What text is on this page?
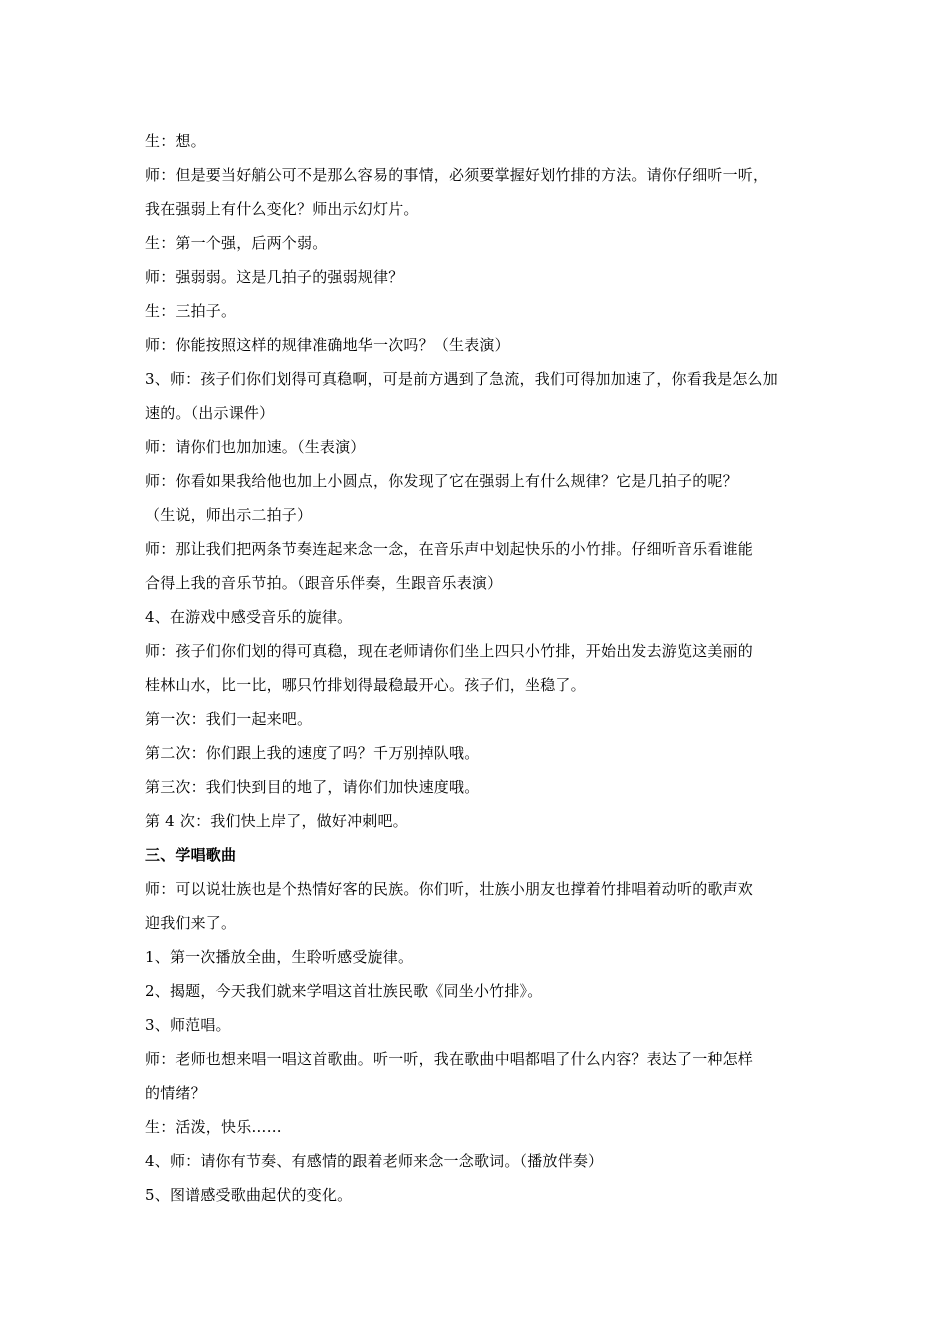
生：想。
师：但是要当好艄公可不是那么容易的事情，必须要掌握好划竹排的方法。请你仔细听一听，
我在强弱上有什么变化？师出示幻灯片。
生：第一个强，后两个弱。
师：强弱弱。这是几拍子的强弱规律？
生：三拍子。
师：你能按照这样的规律准确地华一次吗？（生表演）
3、师：孩子们你们划得可真稳啊，可是前方遇到了急流，我们可得加加速了，你看我是怎么加
速的。（出示课件）
师：请你们也加加速。（生表演）
师：你看如果我给他也加上小圆点，你发现了它在强弱上有什么规律？它是几拍子的呢？
（生说，师出示二拍子）
师：那让我们把两条节奏连起来念一念，在音乐声中划起快乐的小竹排。仔细听音乐看谁能
合得上我的音乐节拍。（跟音乐伴奏，生跟音乐表演）
4、在游戏中感受音乐的旋律。
师：孩子们你们划的得可真稳，现在老师请你们坐上四只小竹排，开始出发去游览这美丽的
桂林山水，比一比，哪只竹排划得最稳最开心。孩子们，坐稳了。
第一次：我们一起来吧。
第二次：你们跟上我的速度了吗？千万别掉队哦。
第三次：我们快到目的地了，请你们加快速度哦。
第 4 次：我们快上岸了，做好冲刺吧。
三、学唱歌曲
师：可以说壮族也是个热情好客的民族。你们听，壮族小朋友也撑着竹排唱着动听的歌声欢
迎我们来了。
1、第一次播放全曲，生聆听感受旋律。
2、揭题，今天我们就来学唱这首壮族民歌《同坐小竹排》。
3、师范唱。
师：老师也想来唱一唱这首歌曲。听一听，我在歌曲中唱都唱了什么内容？表达了一种怎样
的情绪？
生：活泼，快乐……
4、师：请你有节奏、有感情的跟着老师来念一念歌词。（播放伴奏）
5、图谱感受歌曲起伏的变化。
